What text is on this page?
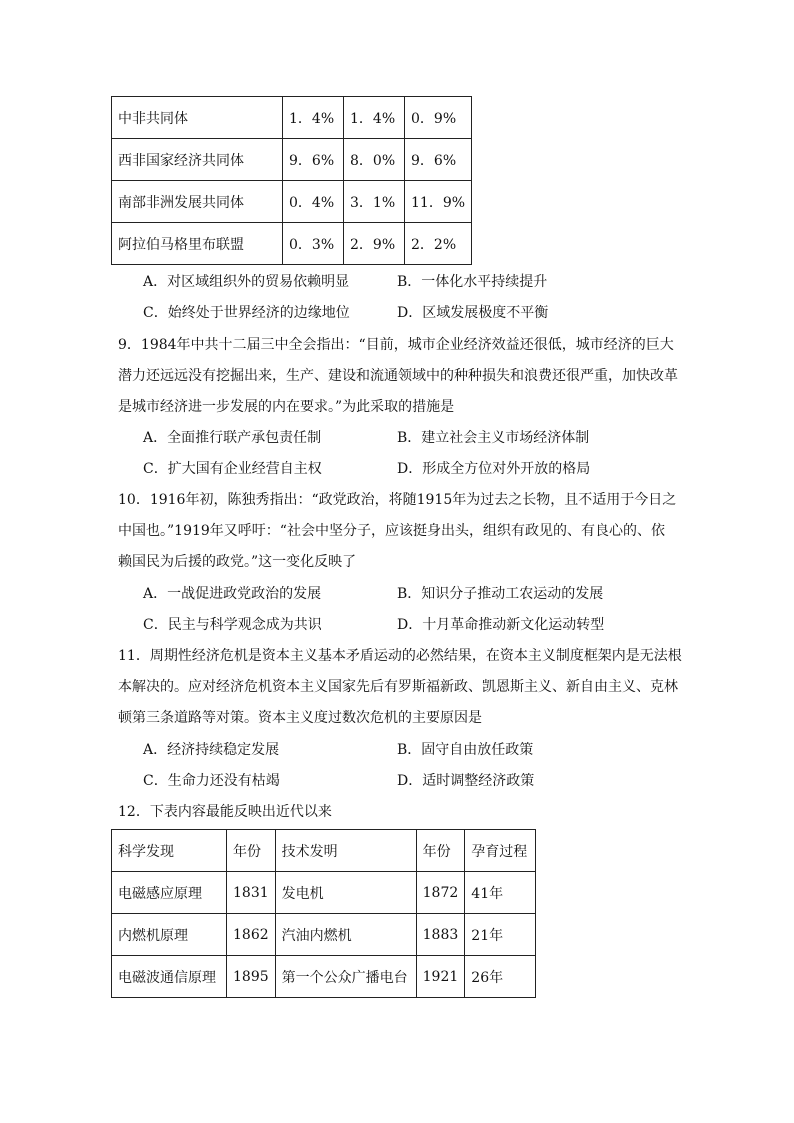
中非共同体	1．4%	1．4%	0．9%
西非国家经济共同体	9．6%	8．0%	9．6%
南部非洲发展共同体	0．4%	3．1%	11．9%
阿拉伯马格里布联盟	0．3%	2．9%	2．2%
A．对区域组织外的贸易依赖明显	B．一体化水平持续提升
C．始终处于世界经济的边缘地位	D．区域发展极度不平衡
9．1984年中共十二届三中全会指出：“目前，城市企业经济效益还很低，城市经济的巨大
潜力还远远没有挖掘出来，生产、建设和流通领域中的种种损失和浪费还很严重，加快改革
是城市经济进一步发展的内在要求。”为此采取的措施是
A．全面推行联产承包责任制	B．建立社会主义市场经济体制
C．扩大国有企业经营自主权	D．形成全方位对外开放的格局
10．1916年初，陈独秀指出：“政党政治，将随1915年为过去之长物，且不适用于今日之
中国也。”1919年又呼吁：“社会中坚分子，应该挺身出头，组织有政见的、有良心的、依
赖国民为后援的政党。”这一变化反映了
A．一战促进政党政治的发展	B．知识分子推动工农运动的发展
C．民主与科学观念成为共识	D．十月革命推动新文化运动转型
11．周期性经济危机是资本主义基本矛盾运动的必然结果，在资本主义制度框架内是无法根
本解决的。应对经济危机资本主义国家先后有罗斯福新政、凯恩斯主义、新自由主义、克林
顿第三条道路等对策。资本主义度过数次危机的主要原因是
A．经济持续稳定发展	B．固守自由放任政策
C．生命力还没有枯竭	D．适时调整经济政策
12．下表内容最能反映出近代以来
科学发现	年份	技术发明	年份	孕育过程
电磁感应原理	1831	发电机	1872	41年
内燃机原理	1862	汽油内燃机	1883	21年
电磁波通信原理	1895	第一个公众广播电台	1921	26年
